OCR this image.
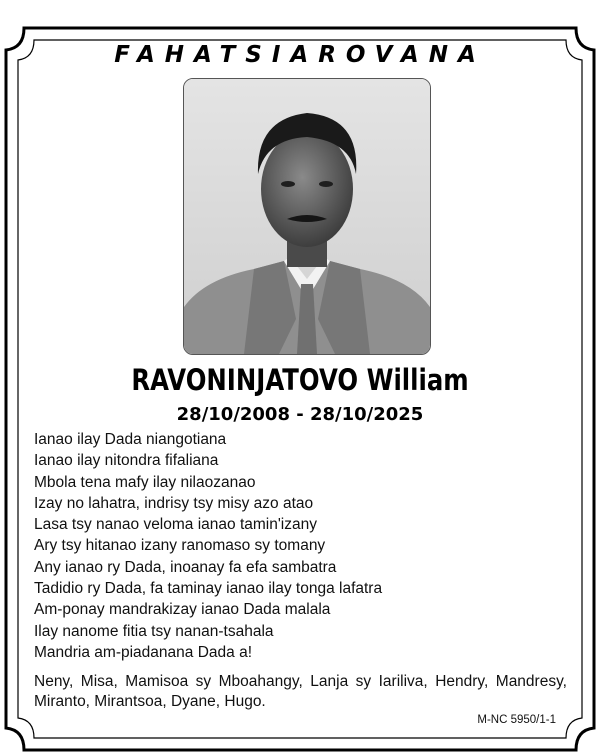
FAHATSIAROVANA
RAVONINJATOVO William
28/10/2008 - 28/10/2025
Ianao ilay Dada niangotiana
Ianao ilay nitondra fifaliana
Mbola tena mafy ilay nilaozanao
Izay no lahatra, indrisy tsy misy azo atao
Lasa tsy nanao veloma ianao tamin'izany
Ary tsy hitanao izany ranomaso sy tomany
Any ianao ry Dada, inoanay fa efa sambatra
Tadidio ry Dada, fa taminay ianao ilay tonga lafatra
Am-ponay mandrakizay ianao Dada malala
Ilay nanome fitia tsy nanan-tsahala
Mandria am-piadanana Dada a!
Neny, Misa, Mamisoa sy Mboahangy, Lanja sy Iariliva, Hendry, Mandresy, Miranto, Mirantsoa, Dyane, Hugo.
M-NC 5950/1-1
